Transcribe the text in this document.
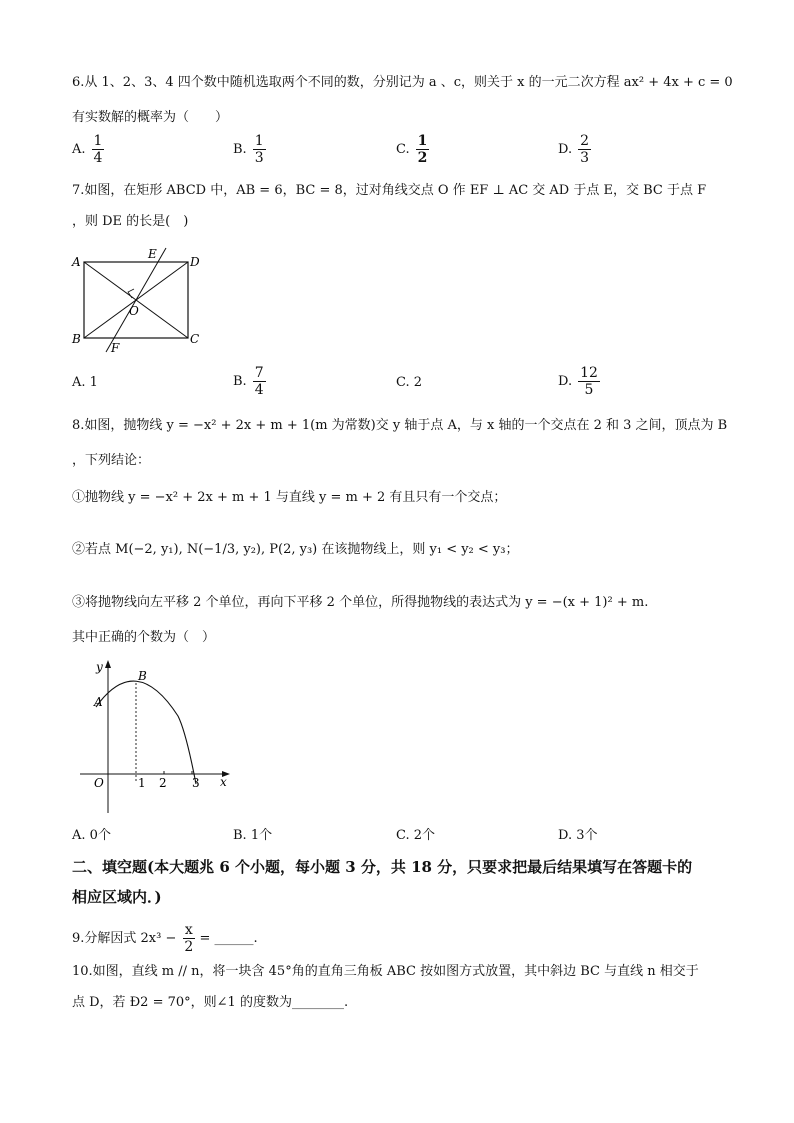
6.从 1、2、3、4 四个数中随机选取两个不同的数，分别记为 a 、c，则关于 x 的一元二次方程 ax² + 4x + c = 0
有实数解的概率为（　　）
A. $\frac{1}{4}$	B. $\frac{1}{3}$	C. $\frac{1}{2}$	D. $\frac{2}{3}$
7.如图，在矩形 ABCD 中，AB = 6，BC = 8，过对角线交点 O 作 EF ⊥ AC 交 AD 于点 E，交 BC 于点 F
，则 DE 的长是(　)
A	D
B	C
E
F
O
A. 1	B. $\frac{7}{4}$	C. 2	D. $\frac{12}{5}$
8.如图，抛物线 y = −x² + 2x + m + 1(m 为常数)交 y 轴于点 A，与 x 轴的一个交点在 2 和 3 之间，顶点为 B
，下列结论：
①抛物线 y = −x² + 2x + m + 1 与直线 y = m + 2 有且只有一个交点；
②若点 M(−2, y₁), N(−1/3, y₂), P(2, y₃) 在该抛物线上，则 y₁ < y₂ < y₃；
③将抛物线向左平移 2 个单位，再向下平移 2 个单位，所得抛物线的表达式为 y = −(x + 1)² + m.
其中正确的个数为（　）
y
x
O
A
B
1 2 3
A. 0个	B. 1个	C. 2个	D. 3个
二、填空题(本大题兆 6 个小题，每小题 3 分，共 18 分，只要求把最后结果填写在答题卡的
相应区域内．)
9.分解因式 $2x^3 - \frac{x}{2}$ = ______.
10.如图，直线 m // n，将一块含 45°角的直角三角板 ABC 按如图方式放置，其中斜边 BC 与直线 n 相交于
点 D，若 Ð2 = 70°，则∠1 的度数为________.
